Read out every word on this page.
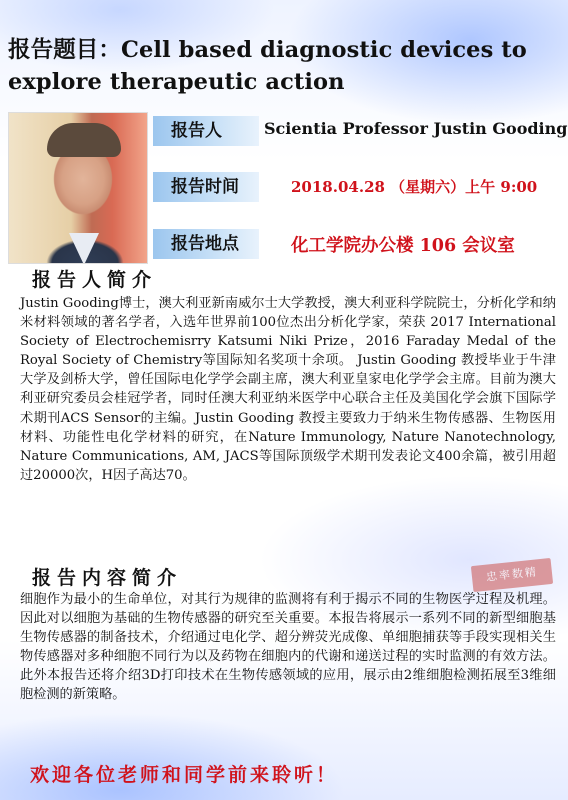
报告题目：Cell based diagnostic devices to explore therapeutic action
报告人	Scientia Professor Justin Gooding
报告时间	2018.04.28 （星期六）上午 9:00
报告地点	化工学院办公楼 106 会议室
报告人简介
Justin Gooding博士，澳大利亚新南威尔士大学教授，澳大利亚科学院院士，分析化学和纳米材料领域的著名学者，入选年世界前100位杰出分析化学家，荣获 2017 International Society of Electrochemisrry Katsumi Niki Prize，2016 Faraday Medal of the Royal Society of Chemistry等国际知名奖项十余项。 Justin Gooding 教授毕业于牛津大学及剑桥大学，曾任国际电化学学会副主席，澳大利亚皇家电化学学会主席。目前为澳大利亚研究委员会桂冠学者，同时任澳大利亚纳米医学中心联合主任及美国化学会旗下国际学术期刊ACS Sensor的主编。Justin Gooding 教授主要致力于纳米生物传感器、生物医用材料、功能性电化学材料的研究，在Nature Immunology, Nature Nanotechnology, Nature Communications, AM, JACS等国际顶级学术期刊发表论文400余篇，被引用超过20000次，H因子高达70。
报告内容简介	忠率数精
细胞作为最小的生命单位，对其行为规律的监测将有利于揭示不同的生物医学过程及机理。因此对以细胞为基础的生物传感器的研究至关重要。本报告将展示一系列不同的新型细胞基生物传感器的制备技术，介绍通过电化学、超分辨荧光成像、单细胞捕获等手段实现相关生物传感器对多种细胞不同行为以及药物在细胞内的代谢和递送过程的实时监测的有效方法。此外本报告还将介绍3D打印技术在生物传感领域的应用，展示由2维细胞检测拓展至3维细胞检测的新策略。
欢迎各位老师和同学前来聆听！
